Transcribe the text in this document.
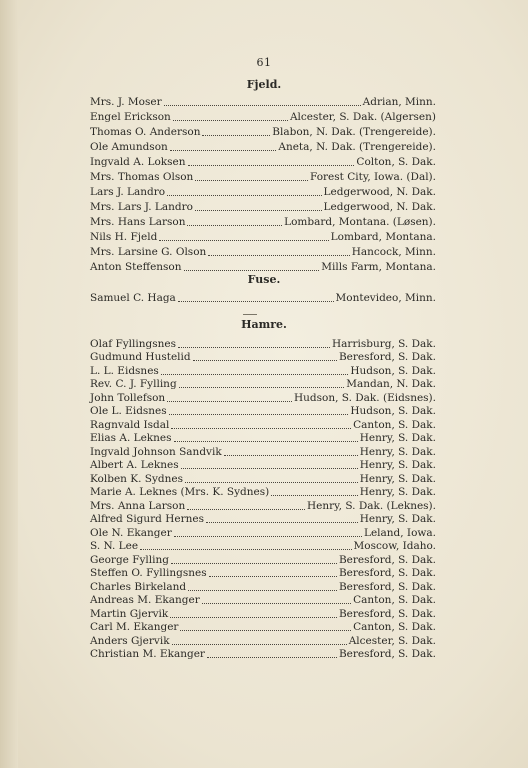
61
Fjeld.
Mrs. J. Moser	Adrian, Minn.
Engel Erickson	Alcester, S. Dak. (Algersen)
Thomas O. Anderson	Blabon, N. Dak. (Trengereide).
Ole Amundson	Aneta, N. Dak. (Trengereide).
Ingvald A. Loksen	Colton, S. Dak.
Mrs. Thomas Olson	Forest City, Iowa. (Dal).
Lars J. Landro	Ledgerwood, N. Dak.
Mrs. Lars J. Landro	Ledgerwood, N. Dak.
Mrs. Hans Larson	Lombard, Montana. (Løsen).
Nils H. Fjeld	Lombard, Montana.
Mrs. Larsine G. Olson	Hancock, Minn.
Anton Steffenson	Mills Farm, Montana.
Fuse.
Samuel C. Haga	Montevideo, Minn.
Hamre.
Olaf Fyllingsnes	Harrisburg, S. Dak.
Gudmund Hustelid	Beresford, S. Dak.
L. L. Eidsnes	Hudson, S. Dak.
Rev. C. J. Fylling	Mandan, N. Dak.
John Tollefson	Hudson, S. Dak. (Eidsnes).
Ole L. Eidsnes	Hudson, S. Dak.
Ragnvald Isdal	Canton, S. Dak.
Elias A. Leknes	Henry, S. Dak.
Ingvald Johnson Sandvik	Henry, S. Dak.
Albert A. Leknes	Henry, S. Dak.
Kolben K. Sydnes	Henry, S. Dak.
Marie A. Leknes (Mrs. K. Sydnes)	Henry, S. Dak.
Mrs. Anna Larson	Henry, S. Dak. (Leknes).
Alfred Sigurd Hernes	Henry, S. Dak.
Ole N. Ekanger	Leland, Iowa.
S. N. Lee	Moscow, Idaho.
George Fylling	Beresford, S. Dak.
Steffen O. Fyllingsnes	Beresford, S. Dak.
Charles Birkeland	Beresford, S. Dak.
Andreas M. Ekanger	Canton, S. Dak.
Martin Gjervik	Beresford, S. Dak.
Carl M. Ekanger	Canton, S. Dak.
Anders Gjervik	Alcester, S. Dak.
Christian M. Ekanger	Beresford, S. Dak.
